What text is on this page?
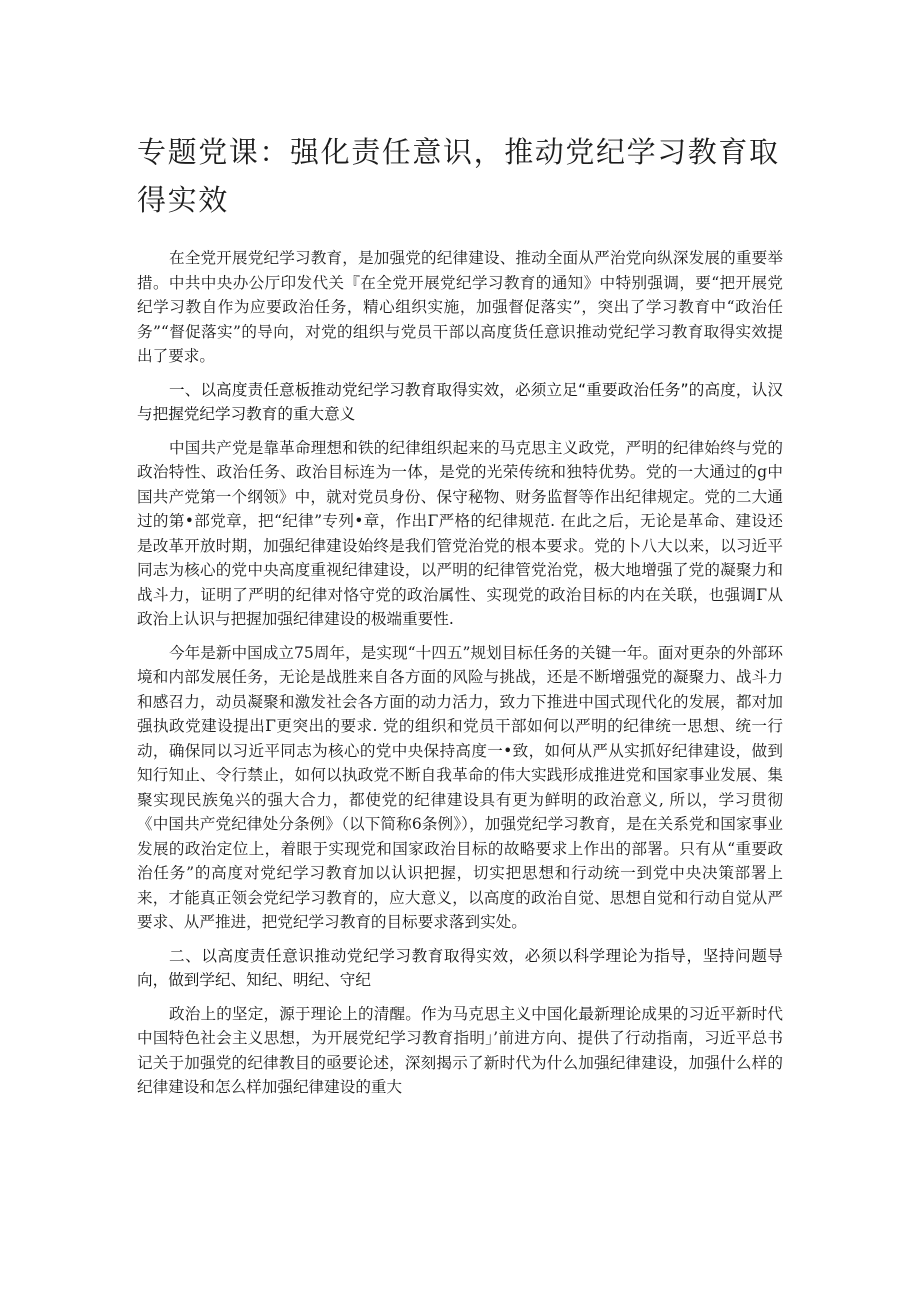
专题党课：强化责任意识，推动党纪学习教育取得实效

在全党开展党纪学习教育，是加强党的纪律建设、推动全面从严治党向纵深发展的重要举措。中共中央办公厅印发代关『在全党开展党纪学习教育的通知》中特别强调，要“把开展党纪学习教自作为应要政治任务，精心组织实施，加强督促落实”，突出了学习教育中“政治任务”“督促落实”的导向，对党的组织与党员干部以高度货任意识推动党纪学习教育取得实效提出了要求。

一、以高度责任意板推动党纪学习教育取得实效，必须立足“重要政治任务”的高度，认汉与把握党纪学习教育的重大意义

中国共产党是靠革命理想和铁的纪律组织起来的马克思主义政党，严明的纪律始终与党的政治特性、政治任务、政治目标连为一体，是党的光荣传统和独特优势。党的一大通过的g中国共产党第一个纲领》中，就对党员身份、保守秘物、财务监督等作出纪律规定。党的二大通过的第•部党章，把“纪律”专列•章，作出Γ严格的纪律规范. 在此之后，无论是革命、建设还是改革开放时期，加强纪律建设始终是我们管党治党的根本要求。党的卜八大以来，以习近平同志为核心的党中央高度重视纪律建设，以严明的纪律管党治党，极大地增强了党的凝聚力和战斗力，证明了严明的纪律对恪守党的政治属性、实现党的政治目标的内在关联，也强调Γ从政治上认识与把握加强纪律建设的极端重要性.

今年是新中国成立75周年，是实现“十四五”规划目标任务的关键一年。面对更杂的外部环境和内部发展任务，无论是战胜来自各方面的风险与挑战，还是不断增强党的凝聚力、战斗力和感召力，动员凝聚和激发社会各方面的动力活力，致力下推进中国式现代化的发展，都对加强执政党建设提出Γ更突出的要求. 党的组织和党员干部如何以严明的纪律统一思想、统一行动，确保同以习近平同志为核心的党中央保持高度一•致，如何从严从实抓好纪律建设，做到知行知止、令行禁止，如何以执政党不断自我革命的伟大实践形成推进党和国家事业发展、集聚实现民族兔兴的强大合力，都使党的纪律建设具有更为鲜明的政治意义, 所以，学习贯彻《中国共产党纪律处分条例》（以下简称6条例》），加强党纪学习教育，是在关系党和国家事业发展的政治定位上，着眼于实现党和国家政治目标的故略要求上作出的部署。只有从“重要政治任务”的高度对党纪学习教育加以认识把握，切实把思想和行动统一到党中央决策部署上来，才能真正领会党纪学习教育的，应大意义，以高度的政治自觉、思想自觉和行动自觉从严要求、从严推进，把党纪学习教育的目标要求落到实处。

二、以高度责任意识推动党纪学习教育取得实效，必须以科学理论为指导，坚持问题导向，做到学纪、知纪、明纪、守纪

政治上的坚定，源于理论上的清醒。作为马克思主义中国化最新理论成果的习近平新时代中国特色社会主义思想，为开展党纪学习教育指明」’前进方向、提供了行动指南，习近平总书记关于加强党的纪律教目的亟要论述，深刻揭示了新时代为什么加强纪律建设，加强什么样的纪律建设和怎么样加强纪律建设的重大
